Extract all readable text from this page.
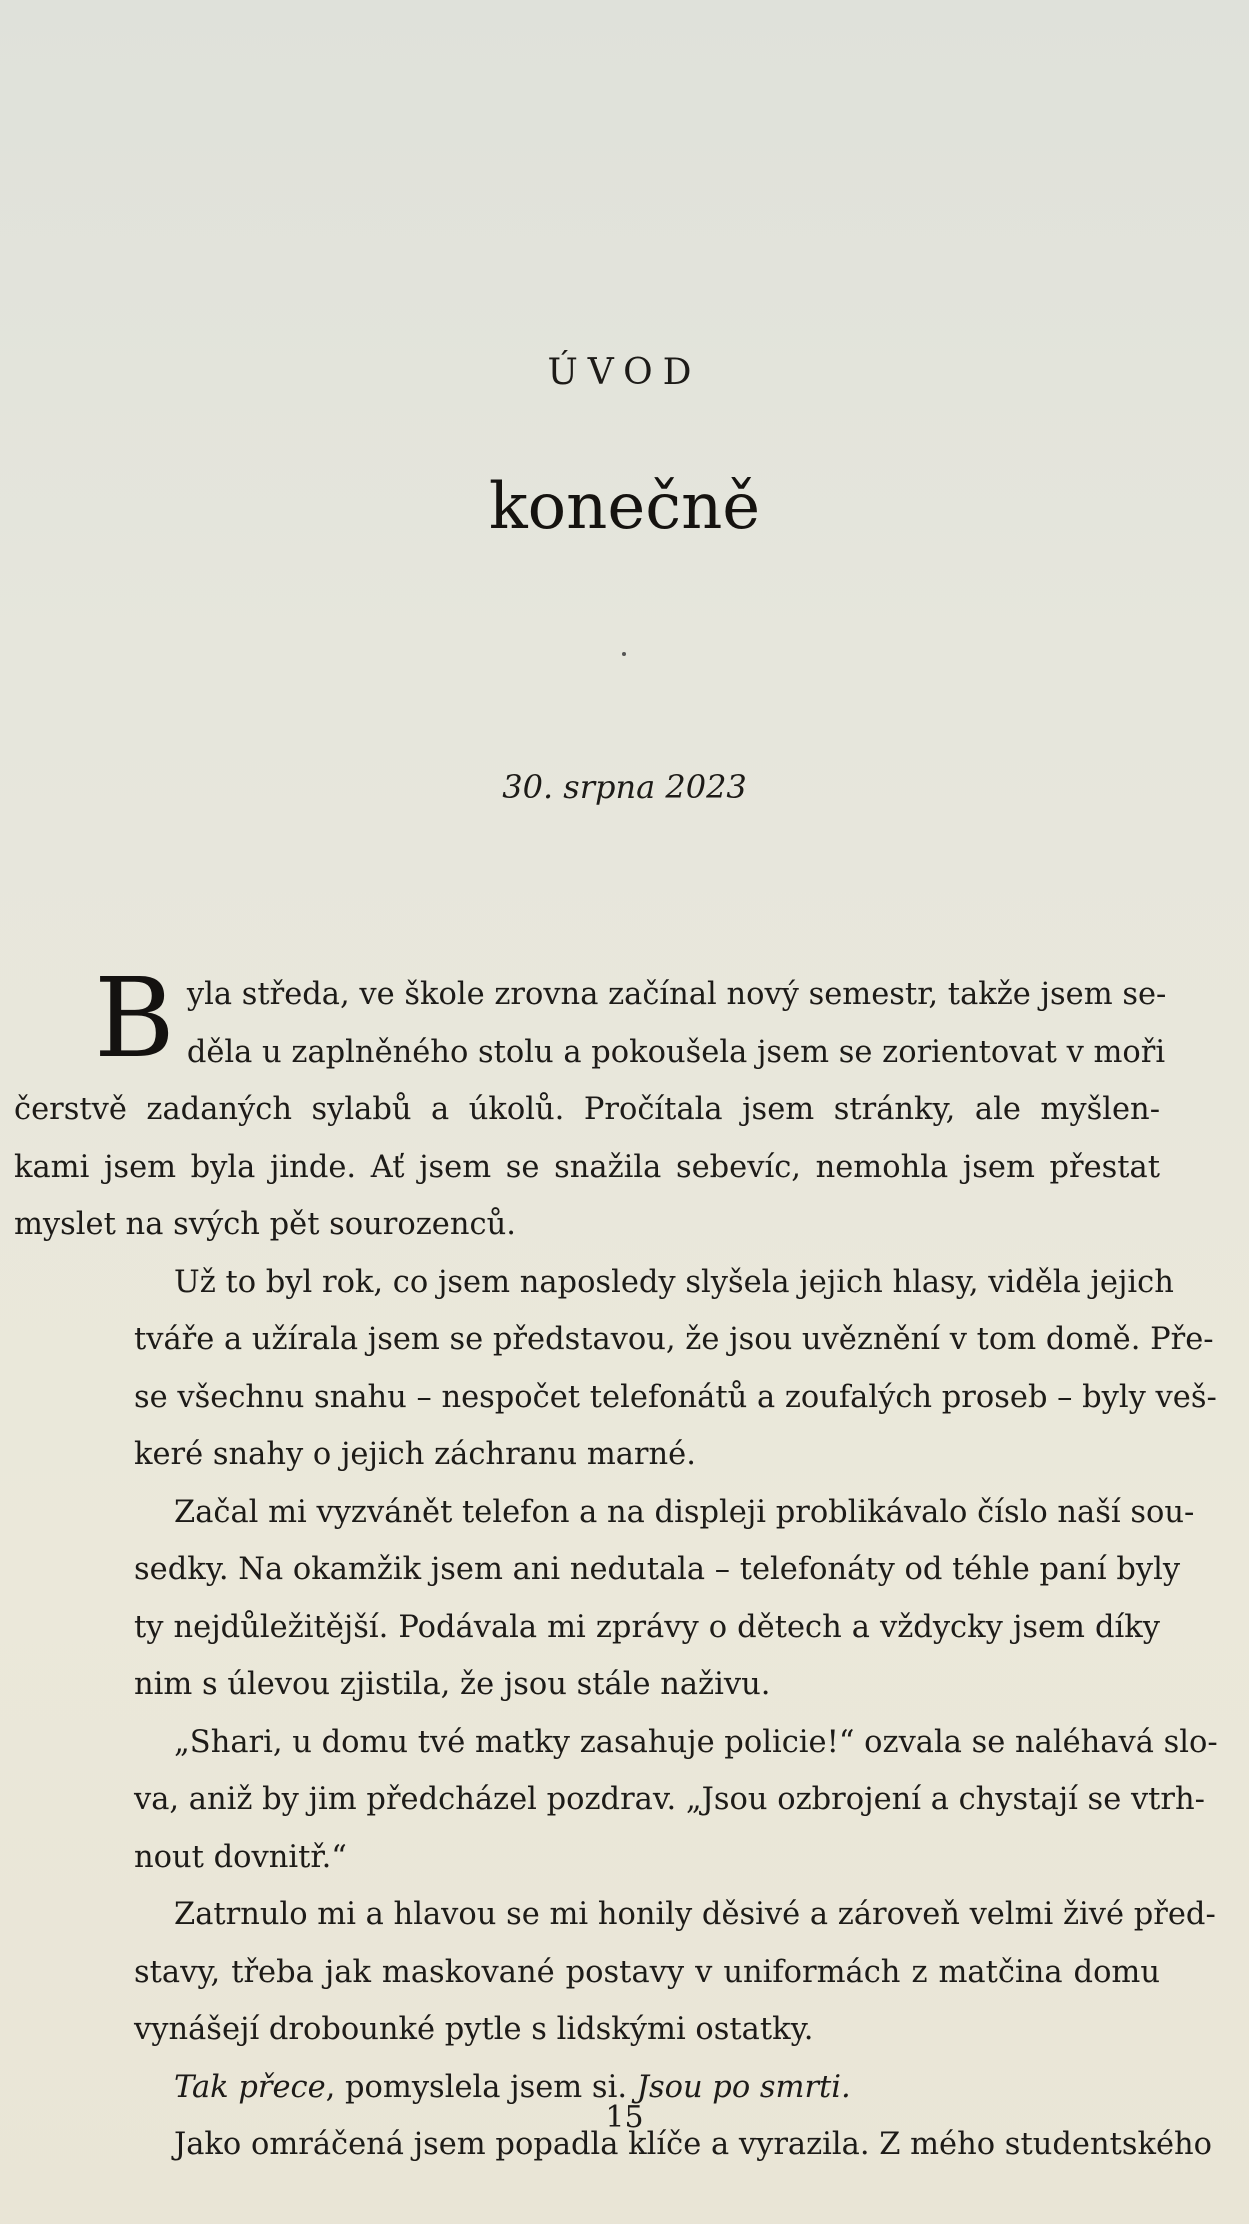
ÚVOD
konečně
30. srpna 2023

B yla středa, ve škole zrovna začínal nový semestr, takže jsem se-
děla u zaplněného stolu a pokoušela jsem se zorientovat v moři
čerstvě zadaných sylabů a úkolů. Pročítala jsem stránky, ale myšlen-
kami jsem byla jinde. Ať jsem se snažila sebevíc, nemohla jsem přestat
myslet na svých pět sourozenců.

Už to byl rok, co jsem naposledy slyšela jejich hlasy, viděla jejich
tváře a užírala jsem se představou, že jsou uvěznění v tom domě. Pře-
se všechnu snahu – nespočet telefonátů a zoufalých proseb – byly veš-
keré snahy o jejich záchranu marné.

Začal mi vyzvánět telefon a na displeji problikávalo číslo naší sou-
sedky. Na okamžik jsem ani nedutala – telefonáty od téhle paní byly
ty nejdůležitější. Podávala mi zprávy o dětech a vždycky jsem díky
nim s úlevou zjistila, že jsou stále naživu.

„Shari, u domu tvé matky zasahuje policie!“ ozvala se naléhavá slo-
va, aniž by jim předcházel pozdrav. „Jsou ozbrojení a chystají se vtrh-
nout dovnitř.“

Zatrnulo mi a hlavou se mi honily děsivé a zároveň velmi živé před-
stavy, třeba jak maskované postavy v uniformách z matčina domu
vynášejí drobounké pytle s lidskými ostatky.

Tak přece, pomyslela jsem si. Jsou po smrti.

Jako omráčená jsem popadla klíče a vyrazila. Z mého studentského

15
